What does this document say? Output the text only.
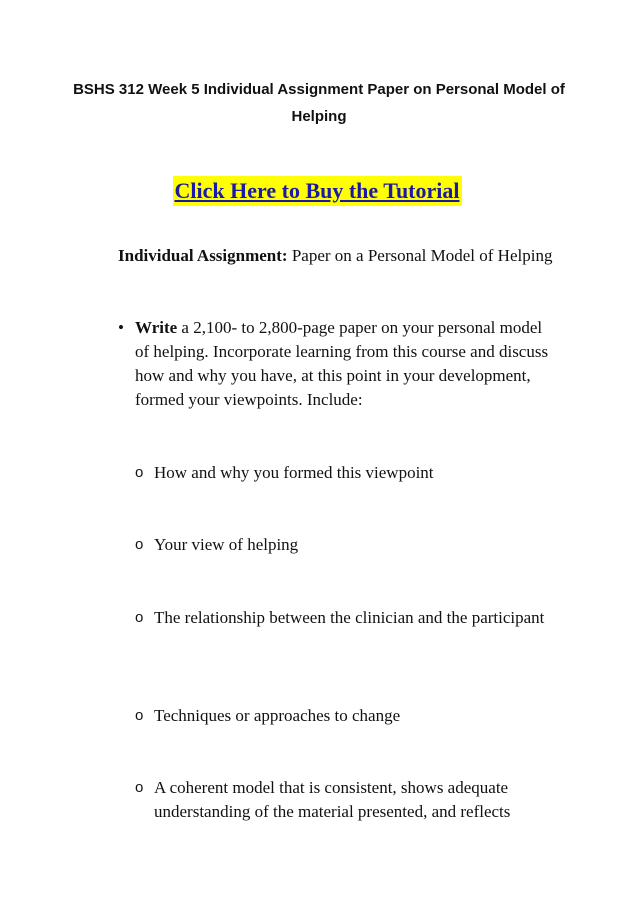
BSHS 312 Week 5 Individual Assignment Paper on Personal Model of Helping
Click Here to Buy the Tutorial
Individual Assignment: Paper on a Personal Model of Helping
• Write a 2,100- to 2,800-page paper on your personal model of helping. Incorporate learning from this course and discuss how and why you have, at this point in your development, formed your viewpoints. Include:
o How and why you formed this viewpoint
o Your view of helping
o The relationship between the clinician and the participant
o Techniques or approaches to change
o A coherent model that is consistent, shows adequate understanding of the material presented, and reflects
